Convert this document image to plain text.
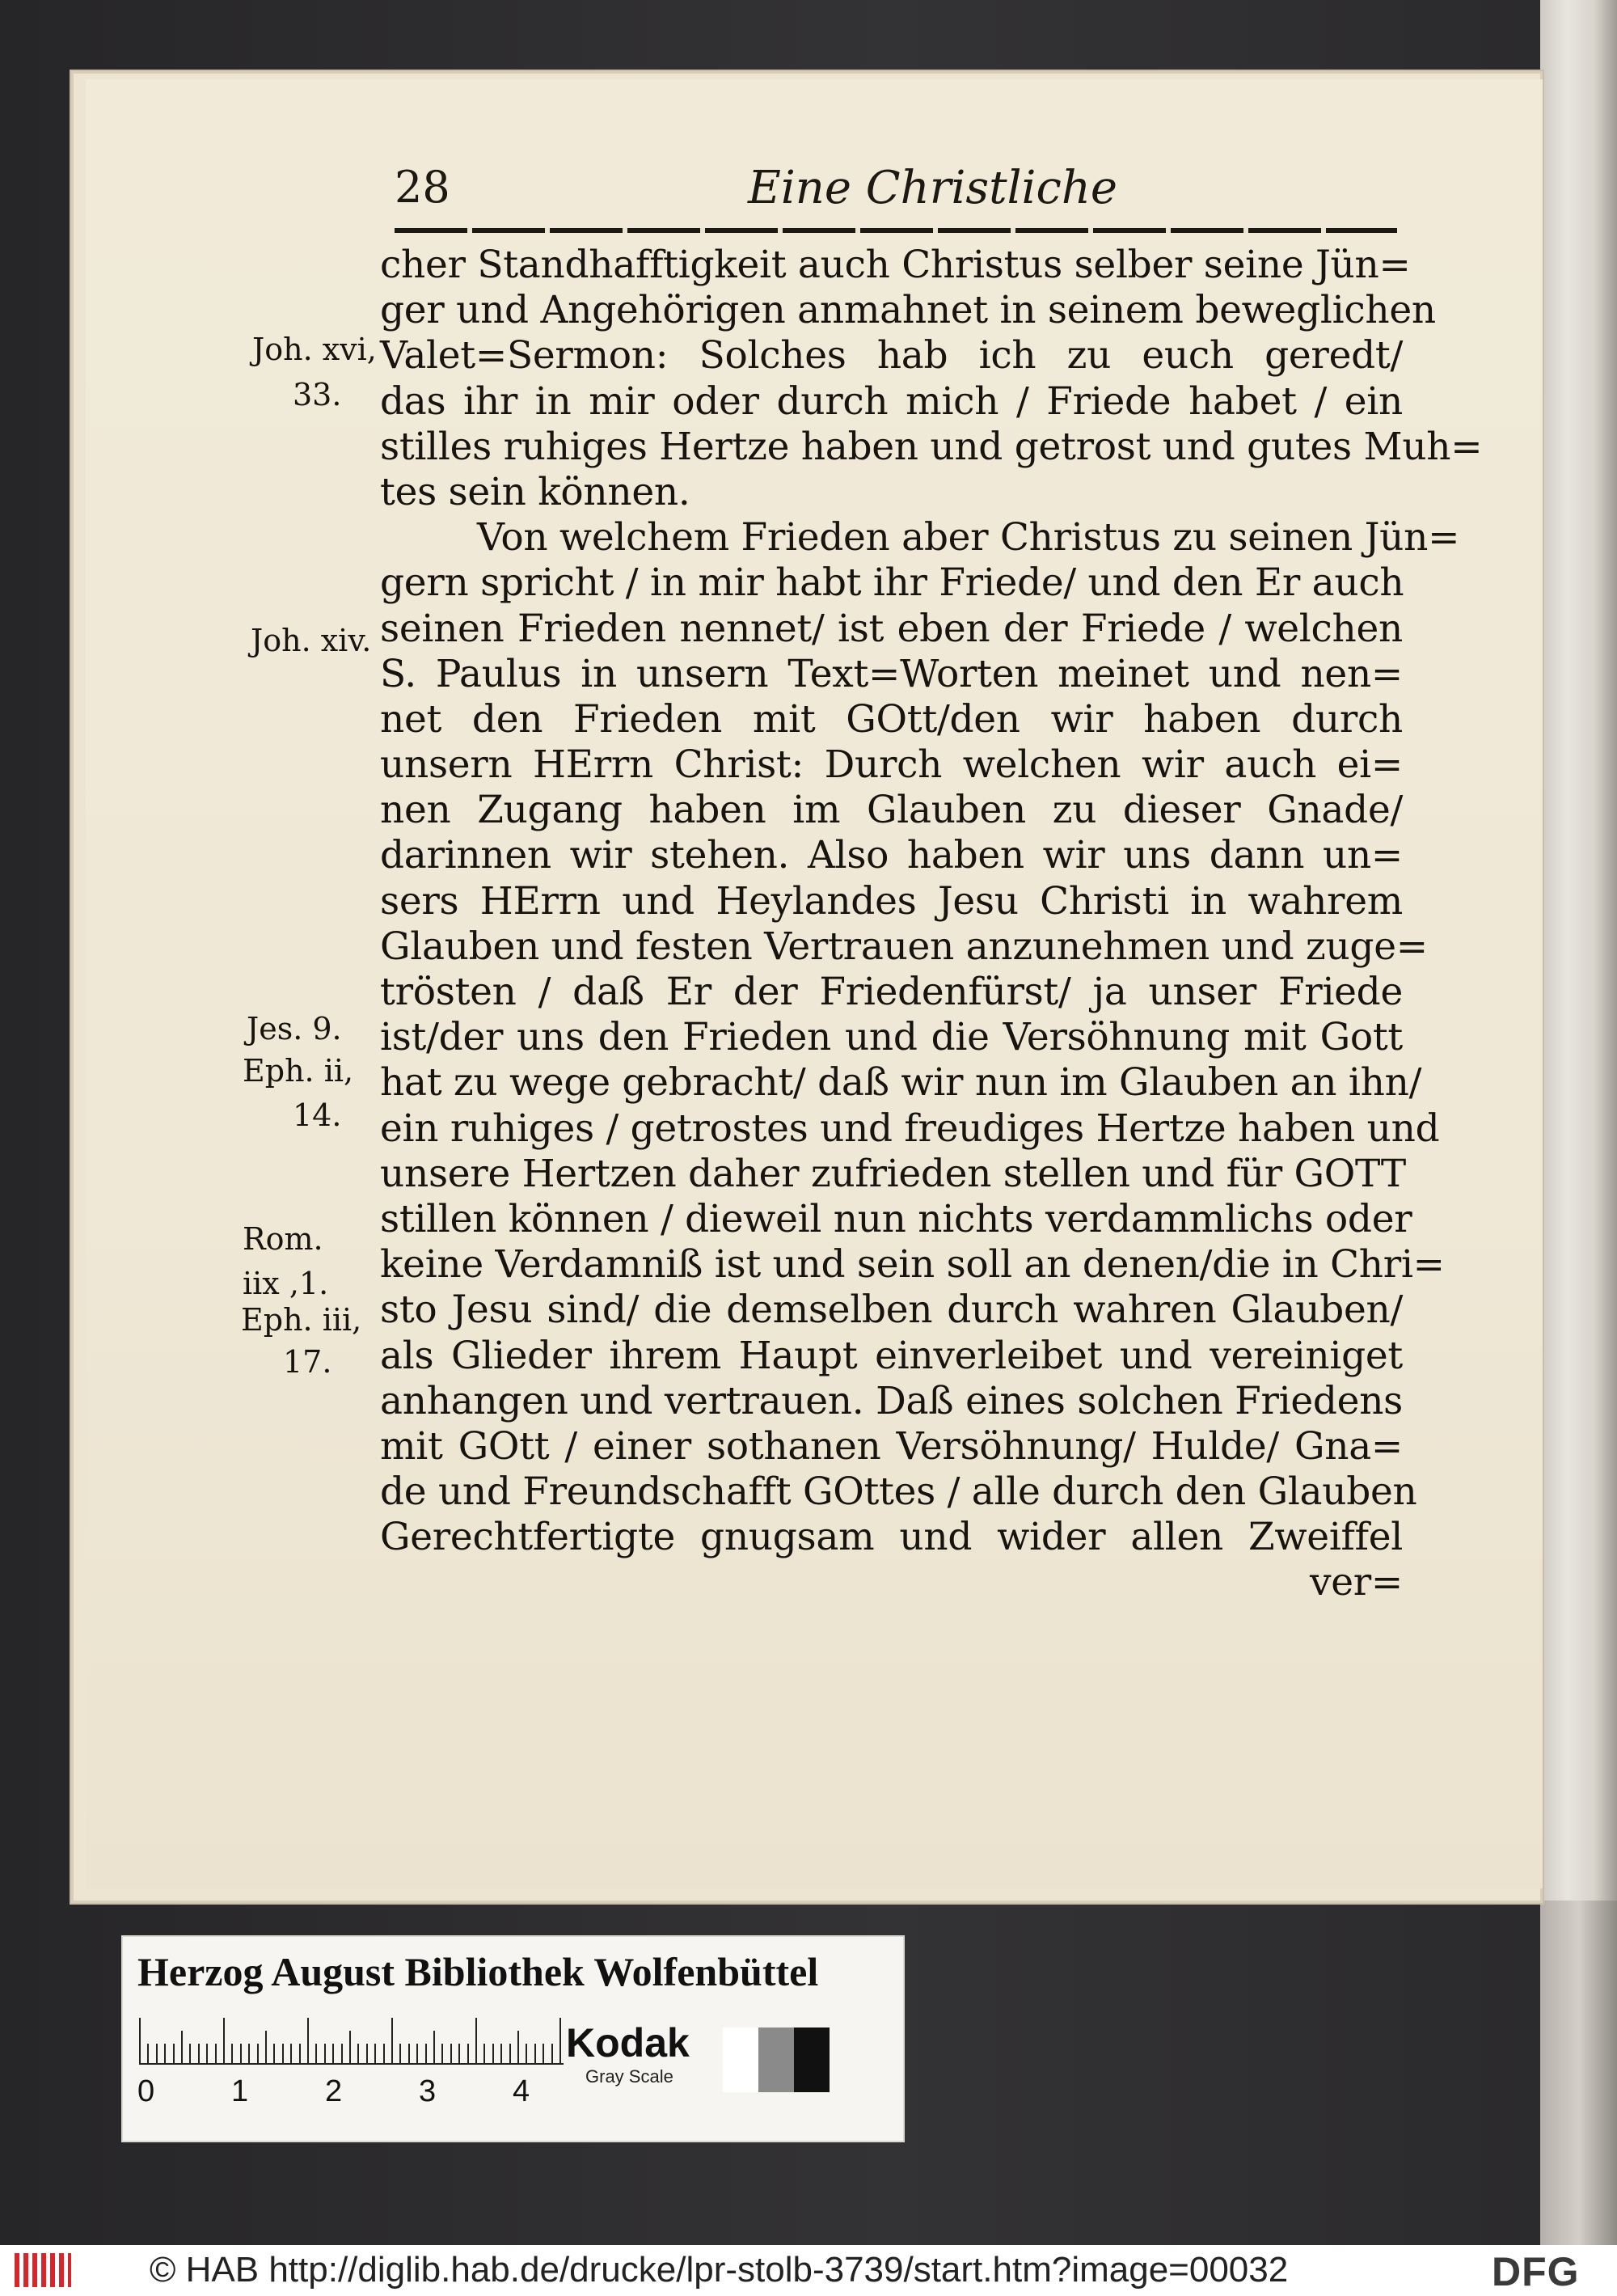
28	Eine Christliche
cher Standhafftigkeit auch Christus selber seine Jün=
ger und Angehörigen anmahnet in seinem beweglichen
Valet=Sermon: Solches hab ich zu euch geredt/
das ihr in mir oder durch mich / Friede habet / ein
stilles ruhiges Hertze haben und getrost und gutes Muh=
tes sein können.
Von welchem Frieden aber Christus zu seinen Jün=
gern spricht / in mir habt ihr Friede/ und den Er auch
seinen Frieden nennet/ ist eben der Friede / welchen
S. Paulus in unsern Text=Worten meinet und nen=
net den Frieden mit GOtt/den wir haben durch
unsern HErrn Christ: Durch welchen wir auch ei=
nen Zugang haben im Glauben zu dieser Gnade/
darinnen wir stehen. Also haben wir uns dann un=
sers HErrn und Heylandes Jesu Christi in wahrem
Glauben und festen Vertrauen anzunehmen und zuge=
trösten / daß Er der Friedenfürst/ ja unser Friede
ist/der uns den Frieden und die Versöhnung mit Gott
hat zu wege gebracht/ daß wir nun im Glauben an ihn/
ein ruhiges / getrostes und freudiges Hertze haben und
unsere Hertzen daher zufrieden stellen und für GOTT
stillen können / dieweil nun nichts verdammlichs oder
keine Verdamniß ist und sein soll an denen/die in Chri=
sto Jesu sind/ die demselben durch wahren Glauben/
als Glieder ihrem Haupt einverleibet und vereiniget
anhangen und vertrauen. Daß eines solchen Friedens
mit GOtt / einer sothanen Versöhnung/ Hulde/ Gna=
de und Freundschafft GOttes / alle durch den Glauben
Gerechtfertigte gnugsam und wider allen Zweiffel
ver=
Joh. xvi,
33.
Joh. xiv.
Jes. 9.
Eph. ii,
14.
Rom.
iix ,1.
Eph. iii,
17.
Herzog August Bibliothek Wolfenbüttel
0 1 2 3 4
Kodak
Gray Scale
© HAB http://diglib.hab.de/drucke/lpr-stolb-3739/start.htm?image=00032	DFG
